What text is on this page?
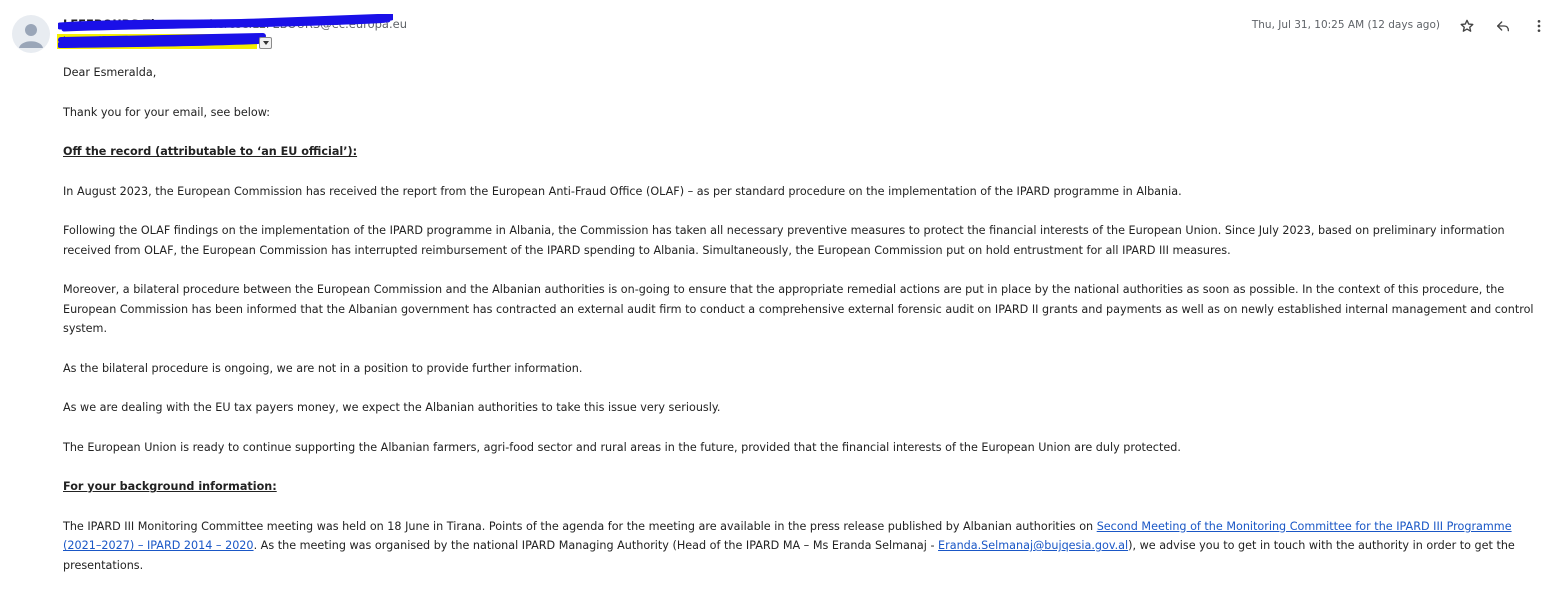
LEFEBOURS Therese Therese.LEFEBOURS@ec.europa.eu
to me, IPARD@EXPAMBDE.ALBA
Thu, Jul 31, 10:25 AM (12 days ago)

Dear Esmeralda,

Thank you for your email, see below:

Off the record (attributable to ‘an EU official’):

In August 2023, the European Commission has received the report from the European Anti-Fraud Office (OLAF) – as per standard procedure on the implementation of the IPARD programme in Albania.

Following the OLAF findings on the implementation of the IPARD programme in Albania, the Commission has taken all necessary preventive measures to protect the financial interests of the European Union. Since July 2023, based on preliminary information received from OLAF, the European Commission has interrupted reimbursement of the IPARD spending to Albania. Simultaneously, the European Commission put on hold entrustment for all IPARD III measures.

Moreover, a bilateral procedure between the European Commission and the Albanian authorities is on-going to ensure that the appropriate remedial actions are put in place by the national authorities as soon as possible. In the context of this procedure, the European Commission has been informed that the Albanian government has contracted an external audit firm to conduct a comprehensive external forensic audit on IPARD II grants and payments as well as on newly established internal management and control system.

As the bilateral procedure is ongoing, we are not in a position to provide further information.

As we are dealing with the EU tax payers money, we expect the Albanian authorities to take this issue very seriously.

The European Union is ready to continue supporting the Albanian farmers, agri-food sector and rural areas in the future, provided that the financial interests of the European Union are duly protected.

For your background information:

The IPARD III Monitoring Committee meeting was held on 18 June in Tirana. Points of the agenda for the meeting are available in the press release published by Albanian authorities on Second Meeting of the Monitoring Committee for the IPARD III Programme (2021–2027) – IPARD 2014 – 2020. As the meeting was organised by the national IPARD Managing Authority (Head of the IPARD MA – Ms Eranda Selmanaj - Eranda.Selmanaj@bujqesia.gov.al), we advise you to get in touch with the authority in order to get the presentations.
